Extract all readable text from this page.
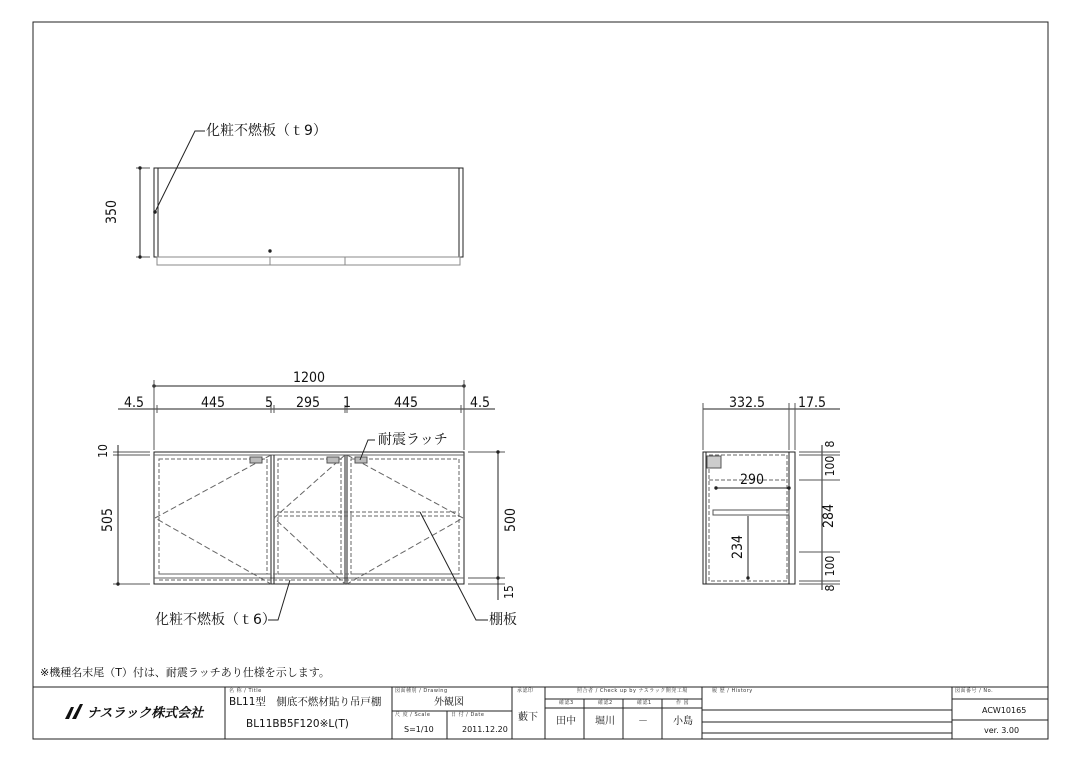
化粧不燃板（ｔ9）
350
1200
4.5	445	5 295 1	445	4.5
耐震ラッチ
10
505	500
15
化粧不燃板（ｔ6）	棚板
332.5 17.5
290
234
8
100
284
100
8
※機種名末尾（T）付は、耐震ラッチあり仕様を示します。
ナスラック株式会社
名 称 / Title
BL11型　側底不燃材貼り吊戸棚
BL11BB5F120※L(T)
図面種別 / Drawing
外観図
尺 度 / Scale
S=1/10
日 付 / Date
2011.12.20
承認印
藪下
照合者 / Check up by ナスラック開発工場
確認3	確認2	確認1	作 図
田中 堀川 －	小島
履 歴 / History	図面番号 / No.
ACW10165
ver. 3.00
